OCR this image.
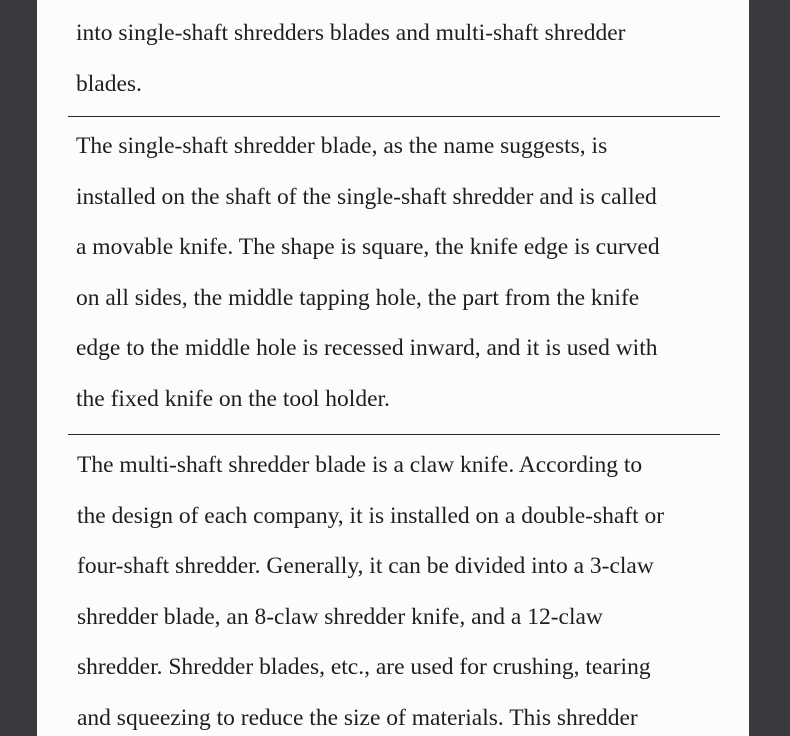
into single-shaft shredders blades and multi-shaft shredder
blades.
The single-shaft shredder blade, as the name suggests, is
installed on the shaft of the single-shaft shredder and is called
a movable knife. The shape is square, the knife edge is curved
on all sides, the middle tapping hole, the part from the knife
edge to the middle hole is recessed inward, and it is used with
the fixed knife on the tool holder.
The multi-shaft shredder blade is a claw knife. According to
the design of each company, it is installed on a double-shaft or
four-shaft shredder. Generally, it can be divided into a 3-claw
shredder blade, an 8-claw shredder knife, and a 12-claw
shredder. Shredder blades, etc., are used for crushing, tearing
and squeezing to reduce the size of materials. This shredder
